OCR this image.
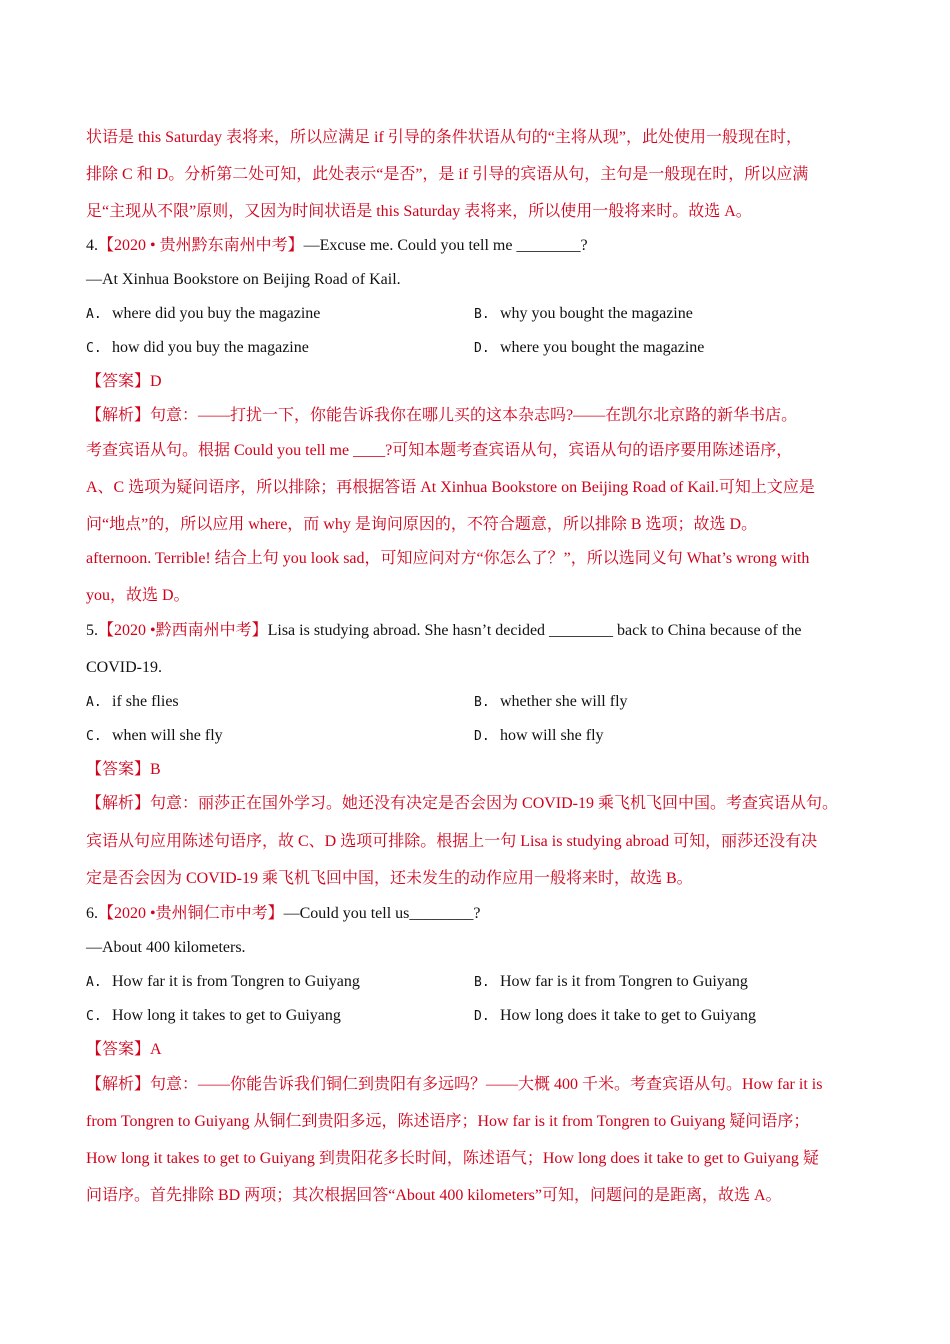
状语是 this Saturday 表将来，所以应满足 if 引导的条件状语从句的“主将从现”，此处使用一般现在时，
排除 C 和 D。分析第二处可知，此处表示“是否”，是 if 引导的宾语从句，主句是一般现在时，所以应满
足“主现从不限”原则，又因为时间状语是 this Saturday 表将来，所以使用一般将来时。故选 A。
4.【2020 • 贵州黔东南州中考】—Excuse me. Could you tell me ________?
—At Xinhua Bookstore on Beijing Road of Kail.
A. where did you buy the magazine	B. why you bought the magazine
C. how did you buy the magazine	D. where you bought the magazine
【答案】D
【解析】句意：——打扰一下，你能告诉我你在哪儿买的这本杂志吗?——在凯尔北京路的新华书店。
考查宾语从句。根据 Could you tell me ____?可知本题考查宾语从句，宾语从句的语序要用陈述语序，
A、C 选项为疑问语序，所以排除；再根据答语 At Xinhua Bookstore on Beijing Road of Kail.可知上文应是
问“地点”的，所以应用 where，而 why 是询问原因的，不符合题意，所以排除 B 选项；故选 D。
afternoon. Terrible! 结合上句 you look sad，可知应问对方“你怎么了？”，所以选同义句 What’s wrong with
you，故选 D。
5.【2020 •黔西南州中考】Lisa is studying abroad. She hasn’t decided ________ back to China because of the
COVID-19.
A. if she flies	B. whether she will fly
C. when will she fly	D. how will she fly
【答案】B
【解析】句意：丽莎正在国外学习。她还没有决定是否会因为 COVID-19 乘飞机飞回中国。考查宾语从句。
宾语从句应用陈述句语序，故 C、D 选项可排除。根据上一句 Lisa is studying abroad 可知，丽莎还没有决
定是否会因为 COVID-19 乘飞机飞回中国，还未发生的动作应用一般将来时，故选 B。
6.【2020 •贵州铜仁市中考】—Could you tell us________?
—About 400 kilometers.
A. How far it is from Tongren to Guiyang	B. How far is it from Tongren to Guiyang
C. How long it takes to get to Guiyang	D. How long does it take to get to Guiyang
【答案】A
【解析】句意：——你能告诉我们铜仁到贵阳有多远吗？——大概 400 千米。考查宾语从句。How far it is
from Tongren to Guiyang 从铜仁到贵阳多远，陈述语序；How far is it from Tongren to Guiyang 疑问语序；
How long it takes to get to Guiyang 到贵阳花多长时间，陈述语气；How long does it take to get to Guiyang 疑
问语序。首先排除 BD 两项；其次根据回答“About 400 kilometers”可知，问题问的是距离，故选 A。
